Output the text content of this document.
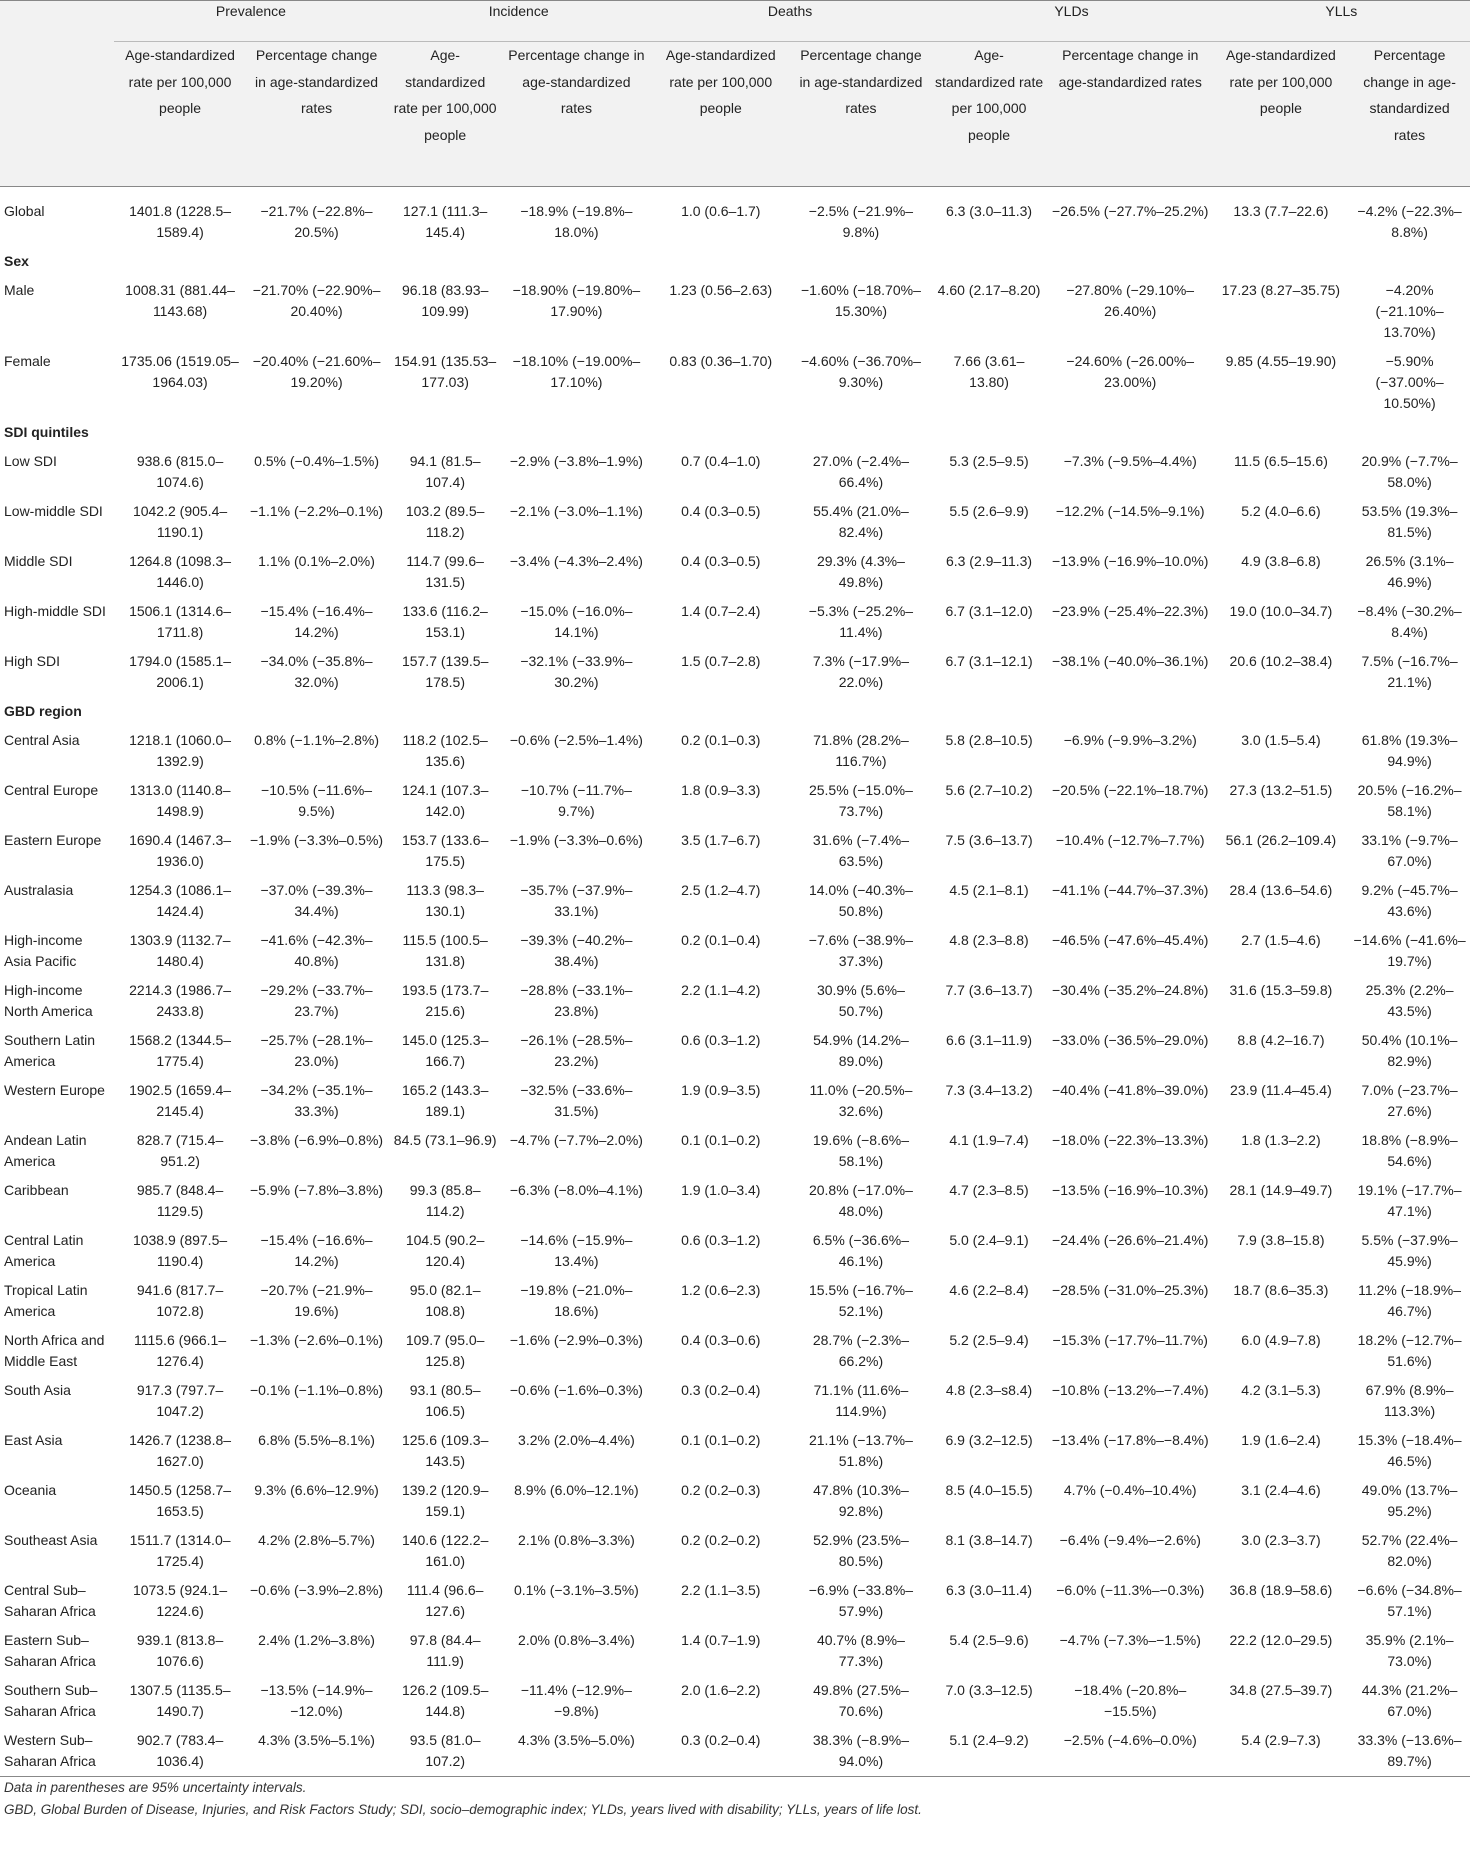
	Prevalence		Incidence		Deaths		YLDs		YLLs	
	Age-standardized rate per 100,000 people	Percentage change in age-standardized rates	Age-standardized rate per 100,000 people	Percentage change in age-standardized rates	Age-standardized rate per 100,000 people	Percentage change in age-standardized rates	Age-standardized rate per 100,000 people	Percentage change in age-standardized rates	Age-standardized rate per 100,000 people	Percentage change in age-standardized rates
Global	1401.8 (1228.5–1589.4)	−21.7% (−22.8%–20.5%)	127.1 (111.3–145.4)	−18.9% (−19.8%–18.0%)	1.0 (0.6–1.7)	−2.5% (−21.9%–9.8%)	6.3 (3.0–11.3)	−26.5% (−27.7%–25.2%)	13.3 (7.7–22.6)	−4.2% (−22.3%–8.8%)
Sex										
Male	1008.31 (881.44–1143.68)	−21.70% (−22.90%–20.40%)	96.18 (83.93–109.99)	−18.90% (−19.80%–17.90%)	1.23 (0.56–2.63)	−1.60% (−18.70%–15.30%)	4.60 (2.17–8.20)	−27.80% (−29.10%–26.40%)	17.23 (8.27–35.75)	−4.20% (−21.10%–13.70%)
Female	1735.06 (1519.05– 1964.03)	−20.40% (−21.60%–19.20%)	154.91 (135.53–177.03)	−18.10% (−19.00%–17.10%)	0.83 (0.36–1.70)	−4.60% (−36.70%–9.30%)	7.66 (3.61–13.80)	−24.60% (−26.00%–23.00%)	9.85 (4.55–19.90)	−5.90% (−37.00%–10.50%)
SDI quintiles										
Low SDI	938.6 (815.0–1074.6)	0.5% (−0.4%–1.5%)	94.1 (81.5–107.4)	−2.9% (−3.8%–1.9%)	0.7 (0.4–1.0)	27.0% (−2.4%–66.4%)	5.3 (2.5–9.5)	−7.3% (−9.5%–4.4%)	11.5 (6.5–15.6)	20.9% (−7.7%–58.0%)
Low-middle SDI	1042.2 (905.4–1190.1)	−1.1% (−2.2%–0.1%)	103.2 (89.5–118.2)	−2.1% (−3.0%–1.1%)	0.4 (0.3–0.5)	55.4% (21.0%–82.4%)	5.5 (2.6–9.9)	−12.2% (−14.5%–9.1%)	5.2 (4.0–6.6)	53.5% (19.3%–81.5%)
Middle SDI	1264.8 (1098.3–1446.0)	1.1% (0.1%–2.0%)	114.7 (99.6–131.5)	−3.4% (−4.3%–2.4%)	0.4 (0.3–0.5)	29.3% (4.3%–49.8%)	6.3 (2.9–11.3)	−13.9% (−16.9%–10.0%)	4.9 (3.8–6.8)	26.5% (3.1%–46.9%)
High-middle SDI	1506.1 (1314.6–1711.8)	−15.4% (−16.4%–14.2%)	133.6 (116.2–153.1)	−15.0% (−16.0%–14.1%)	1.4 (0.7–2.4)	−5.3% (−25.2%–11.4%)	6.7 (3.1–12.0)	−23.9% (−25.4%–22.3%)	19.0 (10.0–34.7)	−8.4% (−30.2%–8.4%)
High SDI	1794.0 (1585.1–2006.1)	−34.0% (−35.8%–32.0%)	157.7 (139.5–178.5)	−32.1% (−33.9%–30.2%)	1.5 (0.7–2.8)	7.3% (−17.9%–22.0%)	6.7 (3.1–12.1)	−38.1% (−40.0%–36.1%)	20.6 (10.2–38.4)	7.5% (−16.7%–21.1%)
GBD region										
Central Asia	1218.1 (1060.0–1392.9)	0.8% (−1.1%–2.8%)	118.2 (102.5–135.6)	−0.6% (−2.5%–1.4%)	0.2 (0.1–0.3)	71.8% (28.2%–116.7%)	5.8 (2.8–10.5)	−6.9% (−9.9%–3.2%)	3.0 (1.5–5.4)	61.8% (19.3%–94.9%)
Central Europe	1313.0 (1140.8–1498.9)	−10.5% (−11.6%–9.5%)	124.1 (107.3–142.0)	−10.7% (−11.7%–9.7%)	1.8 (0.9–3.3)	25.5% (−15.0%–73.7%)	5.6 (2.7–10.2)	−20.5% (−22.1%–18.7%)	27.3 (13.2–51.5)	20.5% (−16.2%–58.1%)
Eastern Europe	1690.4 (1467.3–1936.0)	−1.9% (−3.3%–0.5%)	153.7 (133.6–175.5)	−1.9% (−3.3%–0.6%)	3.5 (1.7–6.7)	31.6% (−7.4%–63.5%)	7.5 (3.6–13.7)	−10.4% (−12.7%–7.7%)	56.1 (26.2–109.4)	33.1% (−9.7%–67.0%)
Australasia	1254.3 (1086.1–1424.4)	−37.0% (−39.3%–34.4%)	113.3 (98.3–130.1)	−35.7% (−37.9%–33.1%)	2.5 (1.2–4.7)	14.0% (−40.3%–50.8%)	4.5 (2.1–8.1)	−41.1% (−44.7%–37.3%)	28.4 (13.6–54.6)	9.2% (−45.7%–43.6%)
High-income Asia Pacific	1303.9 (1132.7–1480.4)	−41.6% (−42.3%–40.8%)	115.5 (100.5–131.8)	−39.3% (−40.2%–38.4%)	0.2 (0.1–0.4)	−7.6% (−38.9%–37.3%)	4.8 (2.3–8.8)	−46.5% (−47.6%–45.4%)	2.7 (1.5–4.6)	−14.6% (−41.6%–19.7%)
High-income North America	2214.3 (1986.7–2433.8)	−29.2% (−33.7%–23.7%)	193.5 (173.7–215.6)	−28.8% (−33.1%–23.8%)	2.2 (1.1–4.2)	30.9% (5.6%–50.7%)	7.7 (3.6–13.7)	−30.4% (−35.2%–24.8%)	31.6 (15.3–59.8)	25.3% (2.2%–43.5%)
Southern Latin America	1568.2 (1344.5–1775.4)	−25.7% (−28.1%–23.0%)	145.0 (125.3–166.7)	−26.1% (−28.5%–23.2%)	0.6 (0.3–1.2)	54.9% (14.2%–89.0%)	6.6 (3.1–11.9)	−33.0% (−36.5%–29.0%)	8.8 (4.2–16.7)	50.4% (10.1%–82.9%)
Western Europe	1902.5 (1659.4–2145.4)	−34.2% (−35.1%–33.3%)	165.2 (143.3–189.1)	−32.5% (−33.6%–31.5%)	1.9 (0.9–3.5)	11.0% (−20.5%–32.6%)	7.3 (3.4–13.2)	−40.4% (−41.8%–39.0%)	23.9 (11.4–45.4)	7.0% (−23.7%–27.6%)
Andean Latin America	828.7 (715.4–951.2)	−3.8% (−6.9%–0.8%)	84.5 (73.1–96.9)	−4.7% (−7.7%–2.0%)	0.1 (0.1–0.2)	19.6% (−8.6%–58.1%)	4.1 (1.9–7.4)	−18.0% (−22.3%–13.3%)	1.8 (1.3–2.2)	18.8% (−8.9%–54.6%)
Caribbean	985.7 (848.4–1129.5)	−5.9% (−7.8%–3.8%)	99.3 (85.8–114.2)	−6.3% (−8.0%–4.1%)	1.9 (1.0–3.4)	20.8% (−17.0%–48.0%)	4.7 (2.3–8.5)	−13.5% (−16.9%–10.3%)	28.1 (14.9–49.7)	19.1% (−17.7%–47.1%)
Central Latin America	1038.9 (897.5–1190.4)	−15.4% (−16.6%–14.2%)	104.5 (90.2–120.4)	−14.6% (−15.9%–13.4%)	0.6 (0.3–1.2)	6.5% (−36.6%–46.1%)	5.0 (2.4–9.1)	−24.4% (−26.6%–21.4%)	7.9 (3.8–15.8)	5.5% (−37.9%–45.9%)
Tropical Latin America	941.6 (817.7–1072.8)	−20.7% (−21.9%–19.6%)	95.0 (82.1–108.8)	−19.8% (−21.0%–18.6%)	1.2 (0.6–2.3)	15.5% (−16.7%–52.1%)	4.6 (2.2–8.4)	−28.5% (−31.0%–25.3%)	18.7 (8.6–35.3)	11.2% (−18.9%–46.7%)
North Africa and Middle East	1115.6 (966.1–1276.4)	−1.3% (−2.6%–0.1%)	109.7 (95.0–125.8)	−1.6% (−2.9%–0.3%)	0.4 (0.3–0.6)	28.7% (−2.3%–66.2%)	5.2 (2.5–9.4)	−15.3% (−17.7%–11.7%)	6.0 (4.9–7.8)	18.2% (−12.7%–51.6%)
South Asia	917.3 (797.7–1047.2)	−0.1% (−1.1%–0.8%)	93.1 (80.5–106.5)	−0.6% (−1.6%–0.3%)	0.3 (0.2–0.4)	71.1% (11.6%–114.9%)	4.8 (2.3–s8.4)	−10.8% (−13.2%–−7.4%)	4.2 (3.1–5.3)	67.9% (8.9%–113.3%)
East Asia	1426.7 (1238.8–1627.0)	6.8% (5.5%–8.1%)	125.6 (109.3–143.5)	3.2% (2.0%–4.4%)	0.1 (0.1–0.2)	21.1% (−13.7%–51.8%)	6.9 (3.2–12.5)	−13.4% (−17.8%–−8.4%)	1.9 (1.6–2.4)	15.3% (−18.4%–46.5%)
Oceania	1450.5 (1258.7–1653.5)	9.3% (6.6%–12.9%)	139.2 (120.9–159.1)	8.9% (6.0%–12.1%)	0.2 (0.2–0.3)	47.8% (10.3%–92.8%)	8.5 (4.0–15.5)	4.7% (−0.4%–10.4%)	3.1 (2.4–4.6)	49.0% (13.7%–95.2%)
Southeast Asia	1511.7 (1314.0–1725.4)	4.2% (2.8%–5.7%)	140.6 (122.2–161.0)	2.1% (0.8%–3.3%)	0.2 (0.2–0.2)	52.9% (23.5%–80.5%)	8.1 (3.8–14.7)	−6.4% (−9.4%–−2.6%)	3.0 (2.3–3.7)	52.7% (22.4%–82.0%)
Central Sub–Saharan Africa	1073.5 (924.1–1224.6)	−0.6% (−3.9%–2.8%)	111.4 (96.6–127.6)	0.1% (−3.1%–3.5%)	2.2 (1.1–3.5)	−6.9% (−33.8%–57.9%)	6.3 (3.0–11.4)	−6.0% (−11.3%–−0.3%)	36.8 (18.9–58.6)	−6.6% (−34.8%–57.1%)
Eastern Sub–Saharan Africa	939.1 (813.8–1076.6)	2.4% (1.2%–3.8%)	97.8 (84.4–111.9)	2.0% (0.8%–3.4%)	1.4 (0.7–1.9)	40.7% (8.9%–77.3%)	5.4 (2.5–9.6)	−4.7% (−7.3%–−1.5%)	22.2 (12.0–29.5)	35.9% (2.1%–73.0%)
Southern Sub–Saharan Africa	1307.5 (1135.5–1490.7)	−13.5% (−14.9%– −12.0%)	126.2 (109.5–144.8)	−11.4% (−12.9%–−9.8%)	2.0 (1.6–2.2)	49.8% (27.5%–70.6%)	7.0 (3.3–12.5)	−18.4% (−20.8%– −15.5%)	34.8 (27.5–39.7)	44.3% (21.2%–67.0%)
Western Sub–Saharan Africa	902.7 (783.4–1036.4)	4.3% (3.5%–5.1%)	93.5 (81.0–107.2)	4.3% (3.5%–5.0%)	0.3 (0.2–0.4)	38.3% (−8.9%–94.0%)	5.1 (2.4–9.2)	−2.5% (−4.6%–0.0%)	5.4 (2.9–7.3)	33.3% (−13.6%–89.7%)

Data in parentheses are 95% uncertainty intervals.

GBD, Global Burden of Disease, Injuries, and Risk Factors Study; SDI, socio–demographic index; YLDs, years lived with disability; YLLs, years of life lost.
